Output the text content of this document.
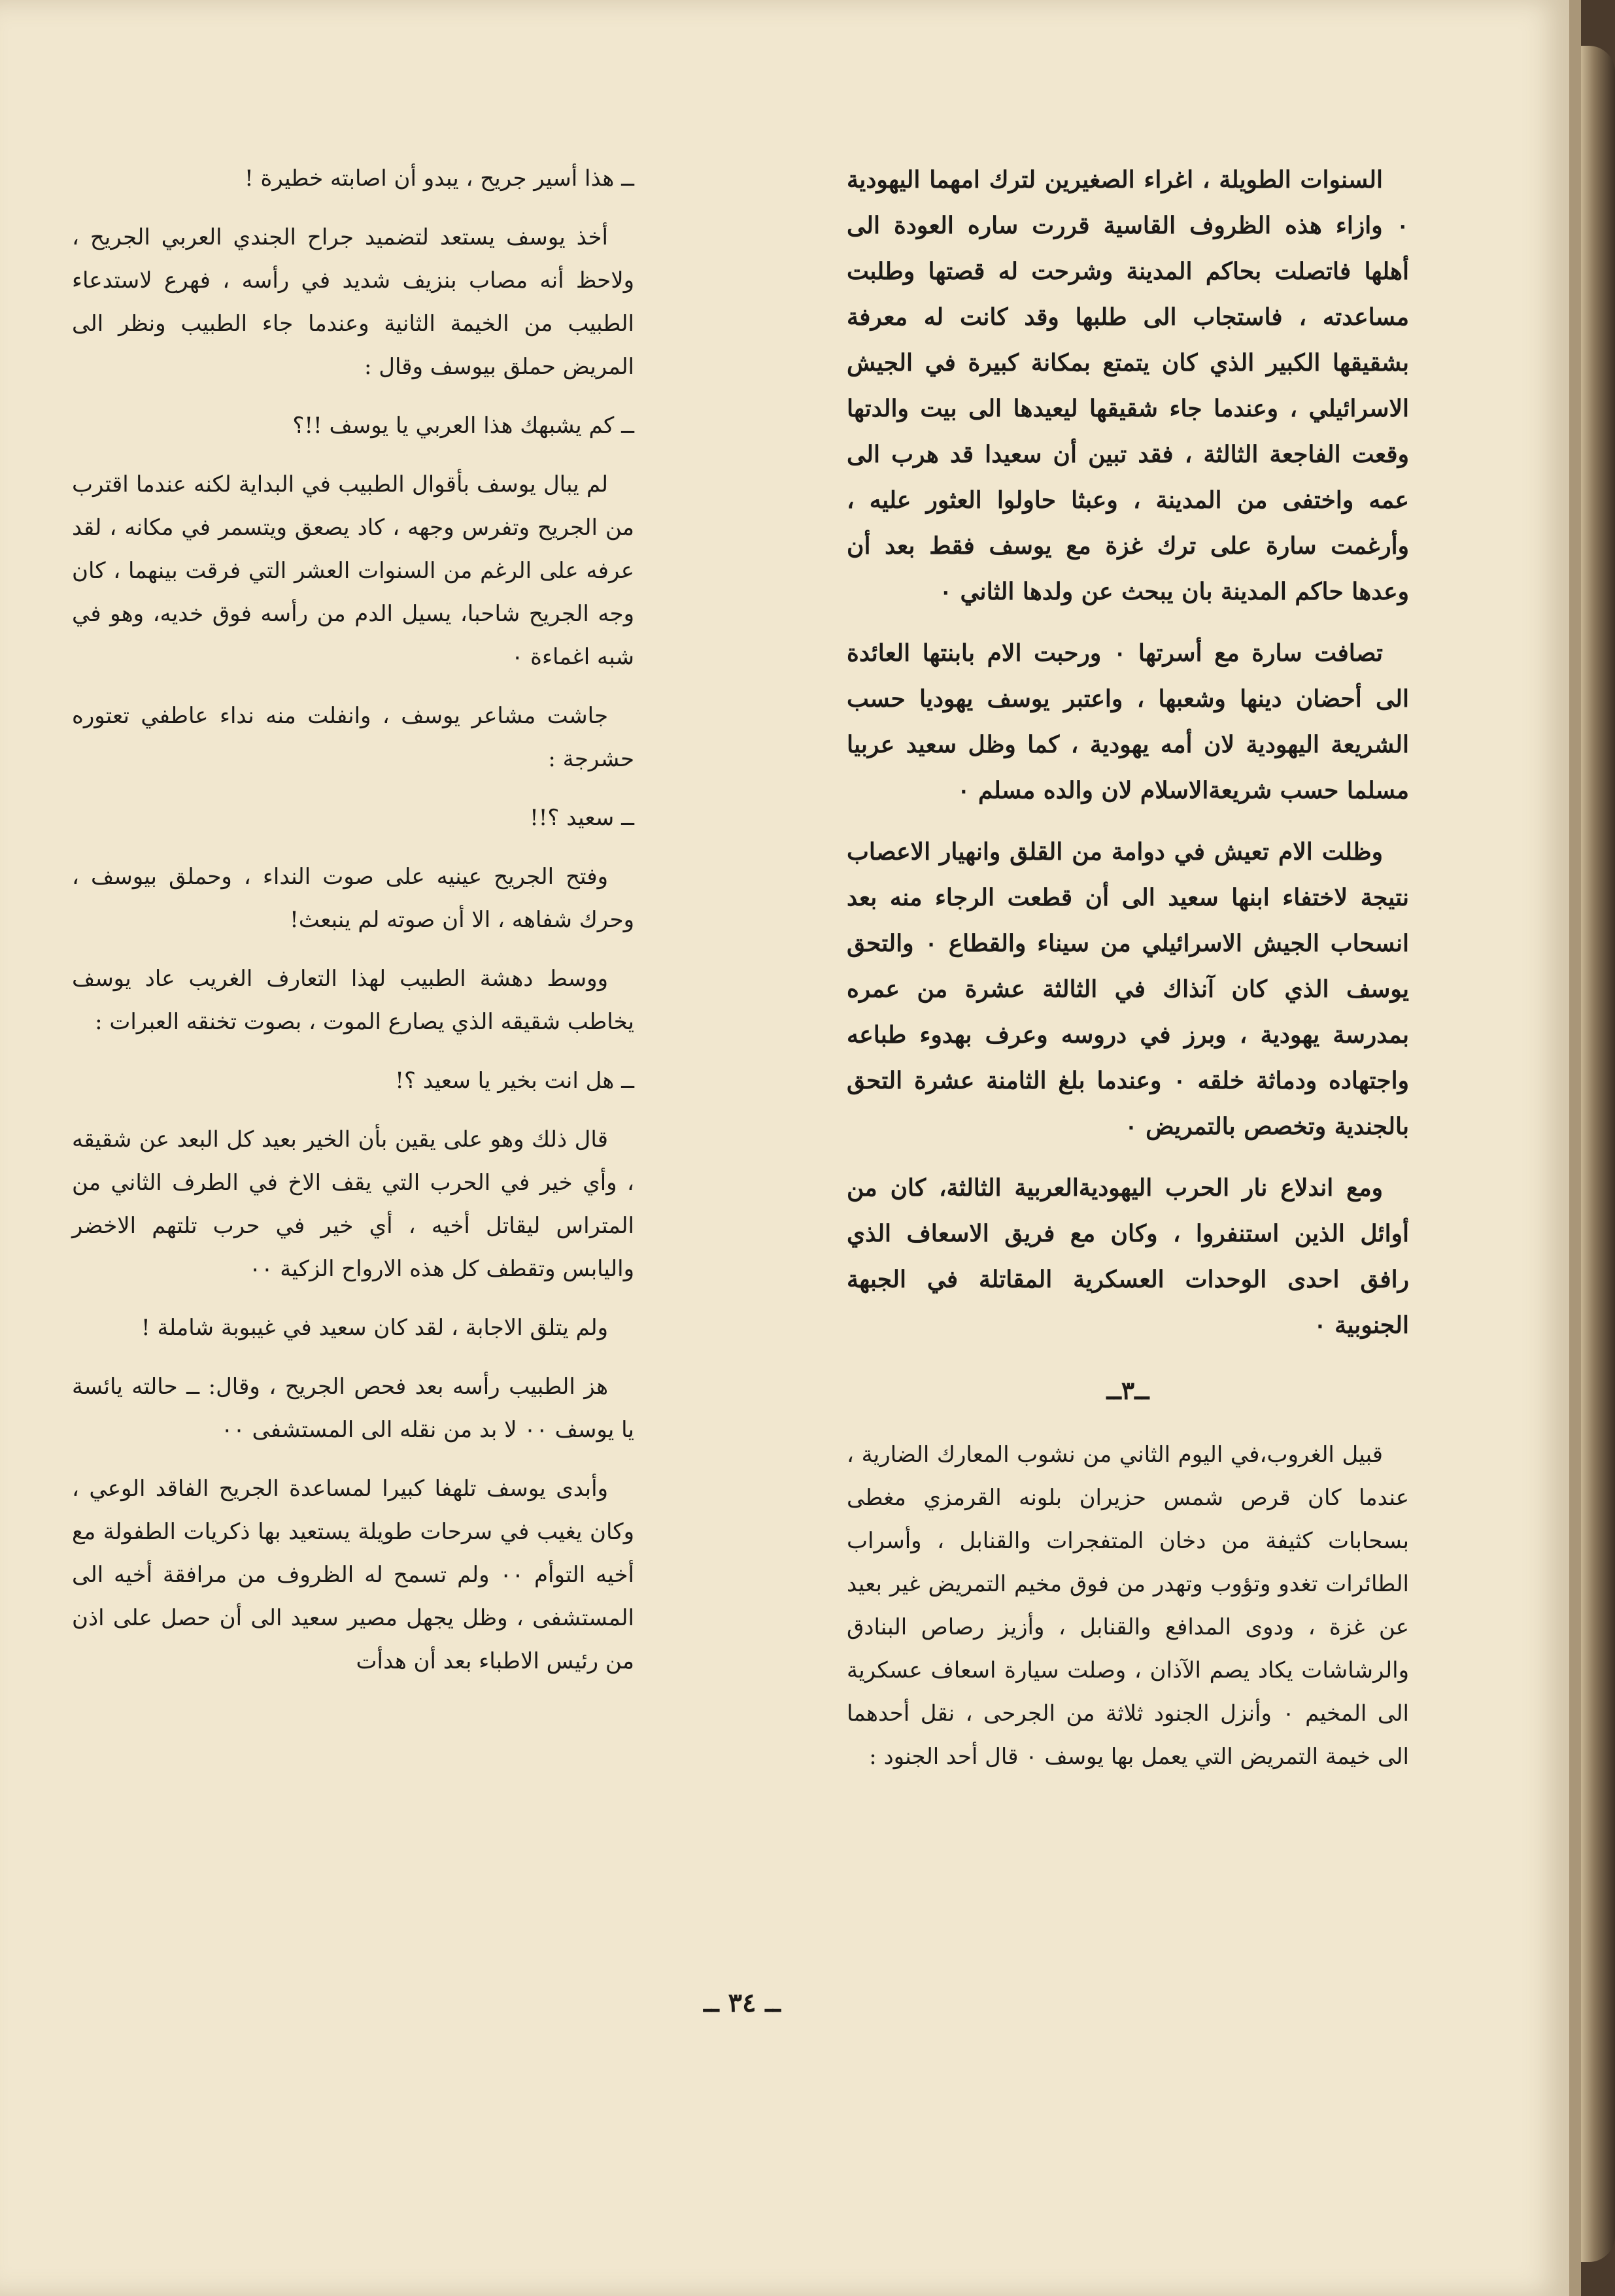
السنوات الطويلة ، اغراء الصغيرين لترك امهما اليهودية ٠ وازاء هذه الظروف القاسية قررت ساره العودة الى أهلها فاتصلت بحاكم المدينة وشرحت له قصتها وطلبت مساعدته ، فاستجاب الى طلبها وقد كانت له معرفة بشقيقها الكبير الذي كان يتمتع بمكانة كبيرة في الجيش الاسرائيلي ، وعندما جاء شقيقها ليعيدها الى بيت والدتها وقعت الفاجعة الثالثة ، فقد تبين أن سعيدا قد هرب الى عمه واختفى من المدينة ، وعبثا حاولوا العثور عليه ، وأرغمت سارة على ترك غزة مع يوسف فقط بعد أن وعدها حاكم المدينة بان يبحث عن ولدها الثاني ٠

تصافت سارة مع أسرتها ٠ ورحبت الام بابنتها العائدة الى أحضان دينها وشعبها ، واعتبر يوسف يهوديا حسب الشريعة اليهودية لان أمه يهودية ، كما وظل سعيد عربيا مسلما حسب شريعةالاسلام لان والده مسلم ٠

وظلت الام تعيش في دوامة من القلق وانهيار الاعصاب نتيجة لاختفاء ابنها سعيد الى أن قطعت الرجاء منه بعد انسحاب الجيش الاسرائيلي من سيناء والقطاع ٠ والتحق يوسف الذي كان آنذاك في الثالثة عشرة من عمره بمدرسة يهودية ، وبرز في دروسه وعرف بهدوء طباعه واجتهاده ودماثة خلقه ٠ وعندما بلغ الثامنة عشرة التحق بالجندية وتخصص بالتمريض ٠

ومع اندلاع نار الحرب اليهوديةالعربية الثالثة، كان من أوائل الذين استنفروا ، وكان مع فريق الاسعاف الذي رافق احدى الوحدات العسكرية المقاتلة في الجبهة الجنوبية ٠

ــ٣ــ

قبيل الغروب،في اليوم الثاني من نشوب المعارك الضارية ، عندما كان قرص شمس حزيران بلونه القرمزي مغطى بسحابات كثيفة من دخان المتفجرات والقنابل ، وأسراب الطائرات تغدو وتؤوب وتهدر من فوق مخيم التمريض غير بعيد عن غزة ، ودوى المدافع والقنابل ، وأزيز رصاص البنادق والرشاشات يكاد يصم الآذان ، وصلت سيارة اسعاف عسكرية الى المخيم ٠ وأنزل الجنود ثلاثة من الجرحى ، نقل أحدهما الى خيمة التمريض التي يعمل بها يوسف ٠ قال أحد الجنود :

ــ هذا أسير جريح ، يبدو أن اصابته خطيرة !

أخذ يوسف يستعد لتضميد جراح الجندي العربي الجريح ، ولاحظ أنه مصاب بنزيف شديد في رأسه ، فهرع لاستدعاء الطبيب من الخيمة الثانية وعندما جاء الطبيب ونظر الى المريض حملق بيوسف وقال :

ــ كم يشبهك هذا العربي يا يوسف !!؟

لم يبال يوسف بأقوال الطبيب في البداية لكنه عندما اقترب من الجريح وتفرس وجهه ، كاد يصعق ويتسمر في مكانه ، لقد عرفه على الرغم من السنوات العشر التي فرقت بينهما ، كان وجه الجريح شاحبا، يسيل الدم من رأسه فوق خديه، وهو في شبه اغماءة ٠

جاشت مشاعر يوسف ، وانفلت منه نداء عاطفي تعتوره حشرجة :

ــ سعيد ؟!!

وفتح الجريح عينيه على صوت النداء ، وحملق بيوسف ، وحرك شفاهه ، الا أن صوته لم ينبعث!

ووسط دهشة الطبيب لهذا التعارف الغريب عاد يوسف يخاطب شقيقه الذي يصارع الموت ، بصوت تخنقه العبرات :

ــ هل انت بخير يا سعيد ؟!

قال ذلك وهو على يقين بأن الخير بعيد كل البعد عن شقيقه ، وأي خير في الحرب التي يقف الاخ في الطرف الثاني من المتراس ليقاتل أخيه ، أي خير في حرب تلتهم الاخضر واليابس وتقطف كل هذه الارواح الزكية ٠٠

ولم يتلق الاجابة ، لقد كان سعيد في غيبوبة شاملة !

هز الطبيب رأسه بعد فحص الجريح ، وقال: ــ حالته يائسة يا يوسف ٠٠ لا بد من نقله الى المستشفى ٠٠

وأبدى يوسف تلهفا كبيرا لمساعدة الجريح الفاقد الوعي ، وكان يغيب في سرحات طويلة يستعيد بها ذكريات الطفولة مع أخيه التوأم ٠٠ ولم تسمح له الظروف من مرافقة أخيه الى المستشفى ، وظل يجهل مصير سعيد الى أن حصل على اذن من رئيس الاطباء بعد أن هدأت

ــ ٣٤ ــ
